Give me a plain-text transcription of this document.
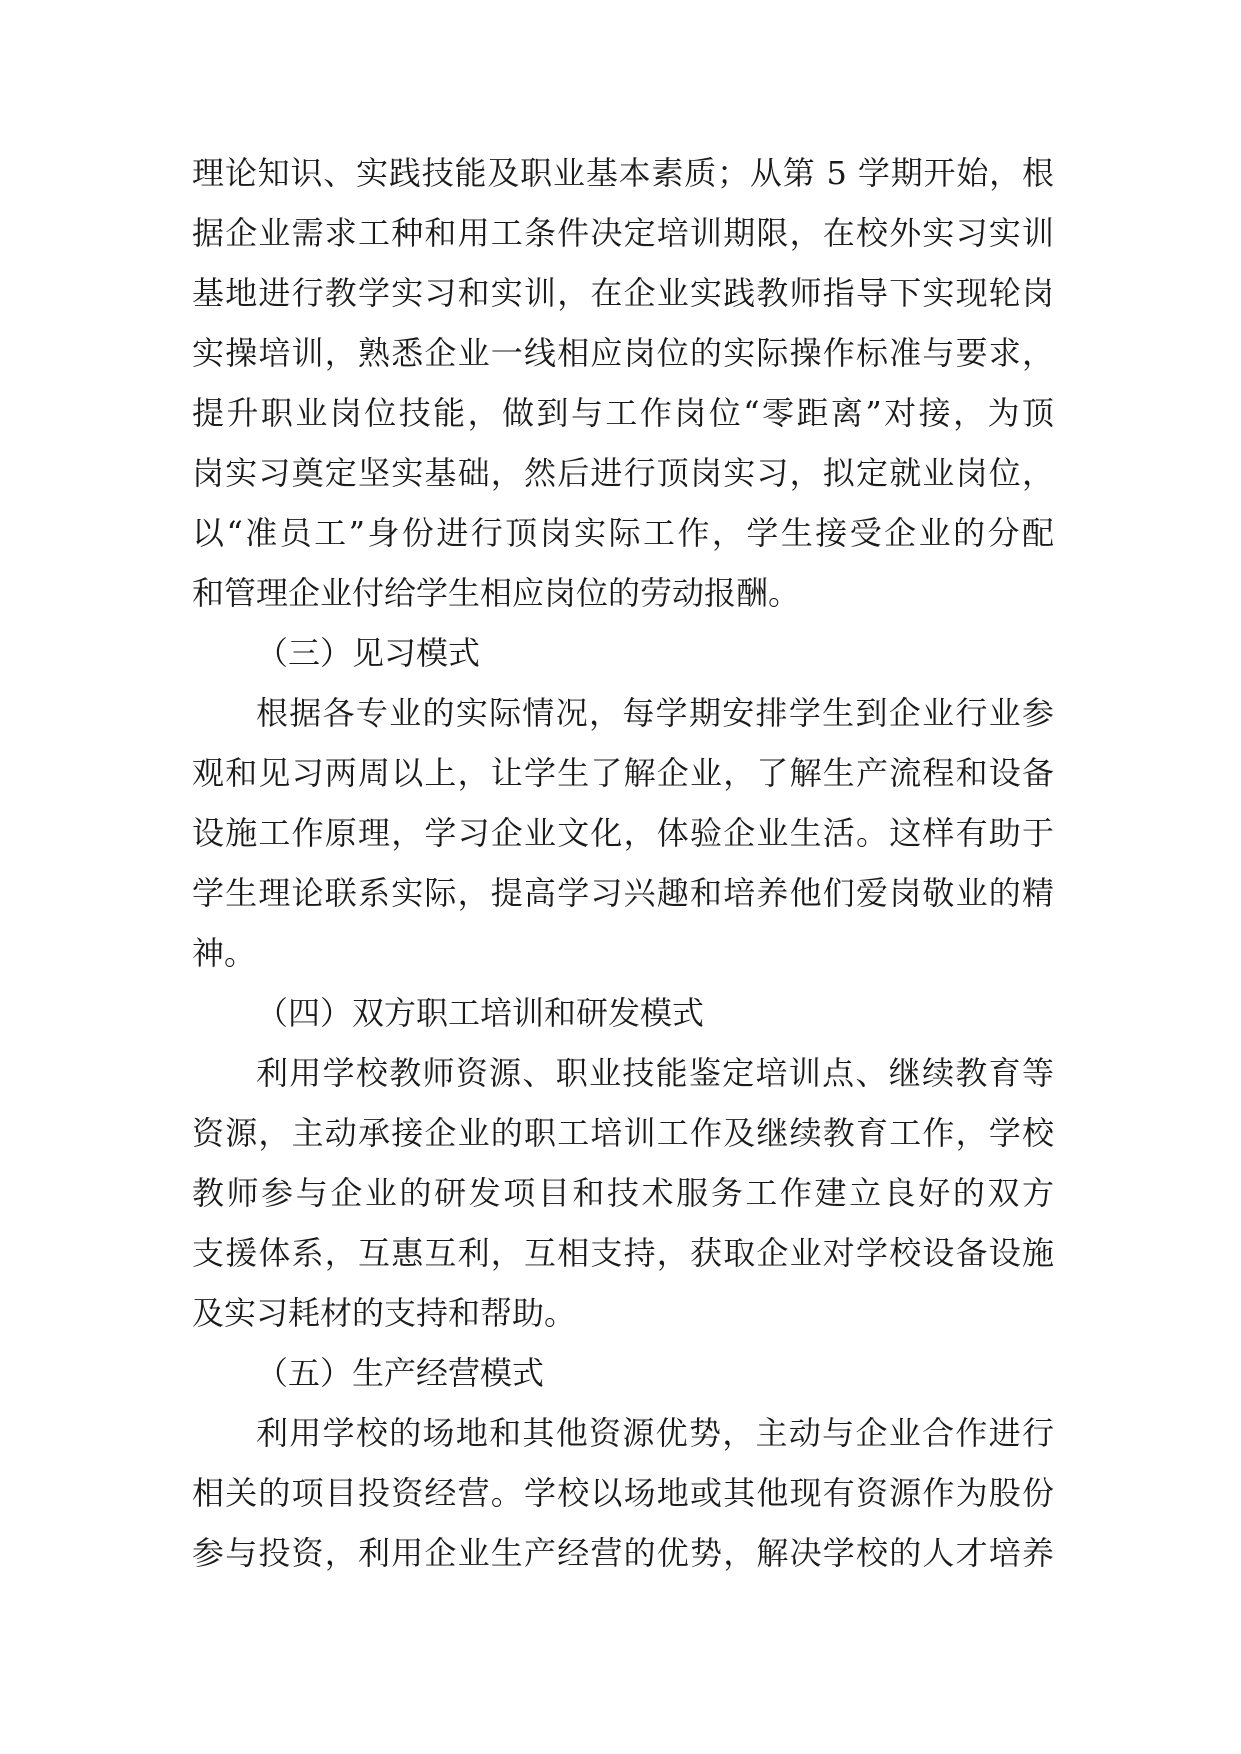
理论知识、实践技能及职业基本素质；从第 5 学期开始，根
据企业需求工种和用工条件决定培训期限，在校外实习实训
基地进行教学实习和实训，在企业实践教师指导下实现轮岗
实操培训，熟悉企业一线相应岗位的实际操作标准与要求，
提升职业岗位技能，做到与工作岗位“零距离”对接，为顶
岗实习奠定坚实基础，然后进行顶岗实习，拟定就业岗位，
以“准员工”身份进行顶岗实际工作，学生接受企业的分配
和管理企业付给学生相应岗位的劳动报酬。
（三）见习模式
根据各专业的实际情况，每学期安排学生到企业行业参
观和见习两周以上，让学生了解企业，了解生产流程和设备
设施工作原理，学习企业文化，体验企业生活。这样有助于
学生理论联系实际，提高学习兴趣和培养他们爱岗敬业的精
神。
（四）双方职工培训和研发模式
利用学校教师资源、职业技能鉴定培训点、继续教育等
资源，主动承接企业的职工培训工作及继续教育工作，学校
教师参与企业的研发项目和技术服务工作建立良好的双方
支援体系，互惠互利，互相支持，获取企业对学校设备设施
及实习耗材的支持和帮助。
（五）生产经营模式
利用学校的场地和其他资源优势，主动与企业合作进行
相关的项目投资经营。学校以场地或其他现有资源作为股份
参与投资，利用企业生产经营的优势，解决学校的人才培养
